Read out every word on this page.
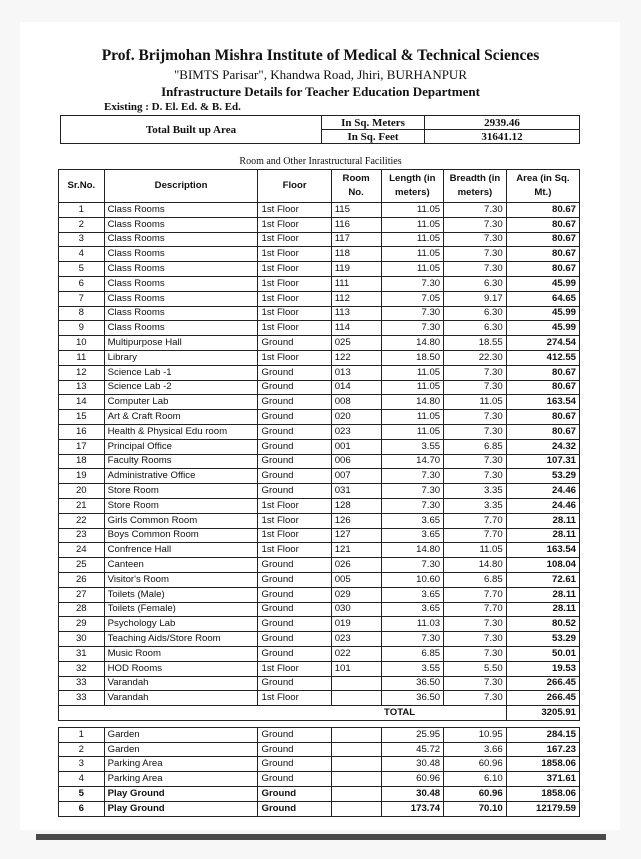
Prof. Brijmohan Mishra Institute of Medical & Technical Sciences
"BIMTS Parisar", Khandwa Road, Jhiri, BURHANPUR
Infrastructure Details for Teacher Education Department
Existing : D. El. Ed. & B. Ed.
Total Built up Area	In Sq. Meters	2939.46
	In Sq. Feet	31641.12
Room and Other Inrastructural Facilities
Sr.No.	Description	Floor	Room No.	Length (in meters)	Breadth (in meters)	Area (in Sq. Mt.)
1	Class Rooms	1st Floor	115	11.05	7.30	80.67
2	Class Rooms	1st Floor	116	11.05	7.30	80.67
3	Class Rooms	1st Floor	117	11.05	7.30	80.67
4	Class Rooms	1st Floor	118	11.05	7.30	80.67
5	Class Rooms	1st Floor	119	11.05	7.30	80.67
6	Class Rooms	1st Floor	111	7.30	6.30	45.99
7	Class Rooms	1st Floor	112	7.05	9.17	64.65
8	Class Rooms	1st Floor	113	7.30	6.30	45.99
9	Class Rooms	1st Floor	114	7.30	6.30	45.99
10	Multipurpose Hall	Ground	025	14.80	18.55	274.54
11	Library	1st Floor	122	18.50	22.30	412.55
12	Science Lab -1	Ground	013	11.05	7.30	80.67
13	Science Lab -2	Ground	014	11.05	7.30	80.67
14	Computer Lab	Ground	008	14.80	11.05	163.54
15	Art & Craft Room	Ground	020	11.05	7.30	80.67
16	Health & Physical Edu room	Ground	023	11.05	7.30	80.67
17	Principal Office	Ground	001	3.55	6.85	24.32
18	Faculty Rooms	Ground	006	14.70	7.30	107.31
19	Administrative Office	Ground	007	7.30	7.30	53.29
20	Store Room	Ground	031	7.30	3.35	24.46
21	Store Room	1st Floor	128	7.30	3.35	24.46
22	Girls Common Room	1st Floor	126	3.65	7.70	28.11
23	Boys Common Room	1st Floor	127	3.65	7.70	28.11
24	Confrence Hall	1st Floor	121	14.80	11.05	163.54
25	Canteen	Ground	026	7.30	14.80	108.04
26	Visitor's Room	Ground	005	10.60	6.85	72.61
27	Toilets (Male)	Ground	029	3.65	7.70	28.11
28	Toilets (Female)	Ground	030	3.65	7.70	28.11
29	Psychology Lab	Ground	019	11.03	7.30	80.52
30	Teaching Aids/Store Room	Ground	023	7.30	7.30	53.29
31	Music Room	Ground	022	6.85	7.30	50.01
32	HOD Rooms	1st Floor	101	3.55	5.50	19.53
33	Varandah	Ground		36.50	7.30	266.45
33	Varandah	1st Floor		36.50	7.30	266.45
				TOTAL		3205.91

1	Garden	Ground		25.95	10.95	284.15
2	Garden	Ground		45.72	3.66	167.23
3	Parking Area	Ground		30.48	60.96	1858.06
4	Parking Area	Ground		60.96	6.10	371.61
5	Play Ground	Ground		30.48	60.96	1858.06
6	Play Ground	Ground		173.74	70.10	12179.59
